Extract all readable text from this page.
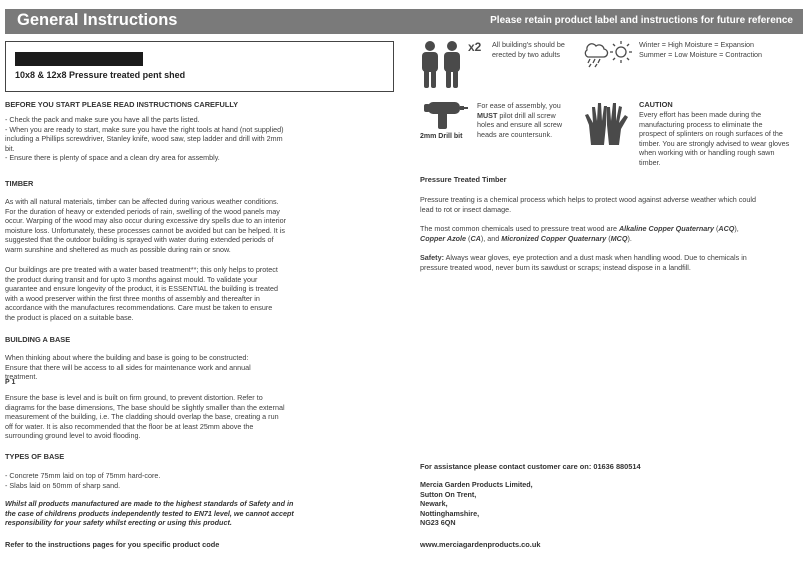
General Instructions	Please retain product label and instructions for future reference
10x8 & 12x8 Pressure treated pent shed
BEFORE YOU START PLEASE READ INSTRUCTIONS CAREFULLY
- Check the pack and make sure you have all the parts listed.
- When you are ready to start, make sure you have the right tools at hand (not supplied)
including a Phillips screwdriver, Stanley knife, wood saw, step ladder and drill with 2mm
bit.
- Ensure there is plenty of space and a clean dry area for assembly.
TIMBER
As with all natural materials, timber can be affected during various weather conditions.
For the duration of heavy or extended periods of rain, swelling of the wood panels may
occur. Warping of the wood may also occur during excessive dry spells due to an interior
moisture loss. Unfortunately, these processes cannot be avoided but can be helped. It is
suggested that the outdoor building is sprayed with water during extended periods of
warm sunshine and sheltered as much as possible during rain or snow.
Our buildings are pre treated with a water based treatment**; this only helps to protect
the product during transit and for upto 3 months against mould. To validate your
guarantee and ensure longevity of the product, it is ESSENTIAL the building is treated
with a wood preserver within the first three months of assembly and thereafter in
accordance with the manufactures recommendations. Care must be taken to ensure
the product is placed on a suitable base.
BUILDING A BASE
When thinking about where the building and base is going to be constructed:
Ensure that there will be access to all sides for maintenance work and annual
treatment.
P 1
Ensure the base is level and is built on firm ground, to prevent distortion. Refer to
diagrams for the base dimensions, The base should be slightly smaller than the external
measurement of the building, i.e. The cladding should overlap the base, creating a run
off for water. It is also recommended that the floor be at least 25mm above the
surrounding ground level to avoid flooding.
TYPES OF BASE
- Concrete 75mm laid on top of 75mm hard-core.
- Slabs laid on 50mm of sharp sand.
Whilst all products manufactured are made to the highest standards of Safety and in
the case of childrens products independently tested to EN71 level, we cannot accept
responsibility for your safety whilst erecting or using this product.
Refer to the instructions pages for you specific product code
x2 All building's should be
erected by two adults
Winter = High Moisture = Expansion
Summer = Low Moisture = Contraction
2mm Drill bit
For ease of assembly, you
MUST pilot drill all screw
holes and ensure all screw
heads are countersunk.
CAUTION
Every effort has been made during the
manufacturing process to eliminate the
prospect of splinters on rough surfaces of the
timber. You are strongly advised to wear gloves
when working with or handling rough sawn
timber.
Pressure Treated Timber
Pressure treating is a chemical process which helps to protect wood against adverse weather which could
lead to rot or insect damage.
The most common chemicals used to pressure treat wood are Alkaline Copper Quaternary (ACQ),
Copper Azole (CA), and Micronized Copper Quaternary (MCQ).
Safety: Always wear gloves, eye protection and a dust mask when handling wood. Due to chemicals in
pressure treated wood, never burn its sawdust or scraps; instead dispose in a landfill.
For assistance please contact customer care on: 01636 880514
Mercia Garden Products Limited,
Sutton On Trent,
Newark,
Nottinghamshire,
NG23 6QN
www.merciagardenproducts.co.uk
